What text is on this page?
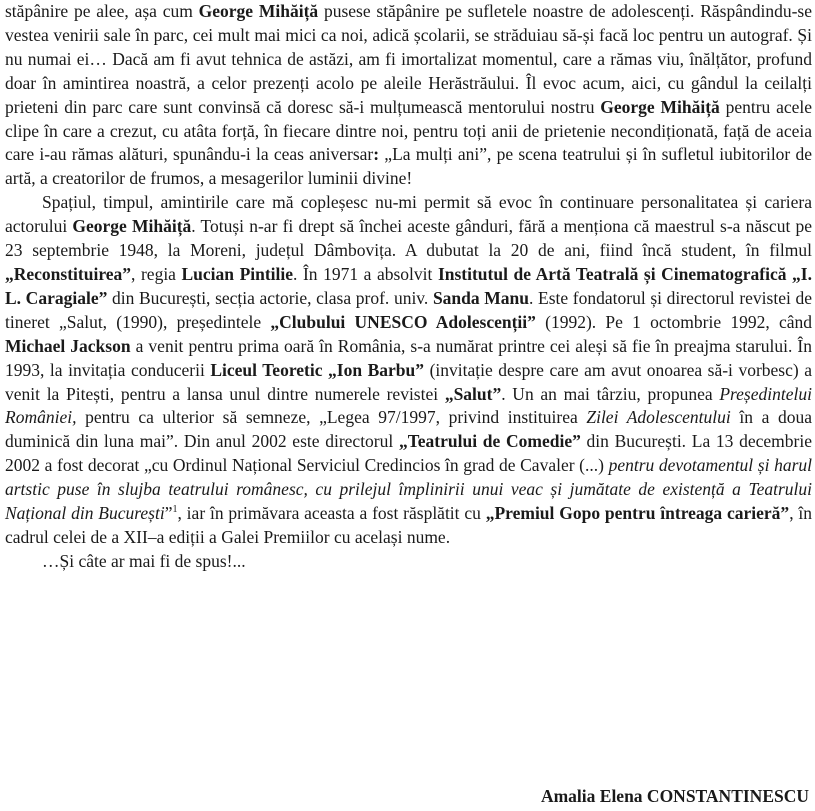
stăpânire pe alee, așa cum George Mihăiță pusese stăpânire pe sufletele noastre de adolescenți. Răspândindu-se vestea venirii sale în parc, cei mult mai mici ca noi, adică școlarii, se străduiau să-și facă loc pentru un autograf. Și nu numai ei… Dacă am fi avut tehnica de astăzi, am fi imortalizat momentul, care a rămas viu, înălțător, profund doar în amintirea noastră, a celor prezenți acolo pe aleile Herăstrăului. Îl evoc acum, aici, cu gândul la ceilalți prieteni din parc care sunt convinsă că doresc să-i mulțumească mentorului nostru George Mihăiță pentru acele clipe în care a crezut, cu atâta forță, în fiecare dintre noi, pentru toți anii de prietenie necondiționată, față de aceia care i-au rămas alături, spunându-i la ceas aniversar: „La mulți ani”, pe scena teatrului și în sufletul iubitorilor de artă, a creatorilor de frumos, a mesagerilor luminii divine!

Spațiul, timpul, amintirile care mă copleșesc nu-mi permit să evoc în continuare personalitatea și cariera actorului George Mihăiță. Totuși n-ar fi drept să închei aceste gânduri, fără a menționa că maestrul s-a născut pe 23 septembrie 1948, la Moreni, județul Dâmbovița. A dubutat la 20 de ani, fiind încă student, în filmul „Reconstituirea”, regia Lucian Pintilie. În 1971 a absolvit Institutul de Artă Teatrală și Cinematografică „I. L. Caragiale” din București, secția actorie, clasa prof. univ. Sanda Manu. Este fondatorul și directorul revistei de tineret „Salut, (1990), președintele „Clubului UNESCO Adolescenții” (1992). Pe 1 octombrie 1992, când Michael Jackson a venit pentru prima oară în România, s-a numărat printre cei aleși să fie în preajma starului. În 1993, la invitația conducerii Liceul Teoretic „Ion Barbu” (invitație despre care am avut onoarea să-i vorbesc) a venit la Pitești, pentru a lansa unul dintre numerele revistei „Salut”. Un an mai târziu, propunea Președintelui României, pentru ca ulterior să semneze, „Legea 97/1997, privind instituirea Zilei Adolescentului în a doua duminică din luna mai”. Din anul 2002 este directorul „Teatrului de Comedie” din București. La 13 decembrie 2002 a fost decorat „cu Ordinul Național Serviciul Credincios în grad de Cavaler (...) pentru devotamentul și harul artstic puse în slujba teatrului românesc, cu prilejul împlinirii unui veac și jumătate de existență a Teatrului Național din București”$^1$, iar în primăvara aceasta a fost răsplătit cu „Premiul Gopo pentru întreaga carieră”, în cadrul celei de a XII–a ediții a Galei Premiilor cu același nume.

…Și câte ar mai fi de spus!...

Amalia Elena CONSTANTINESCU
